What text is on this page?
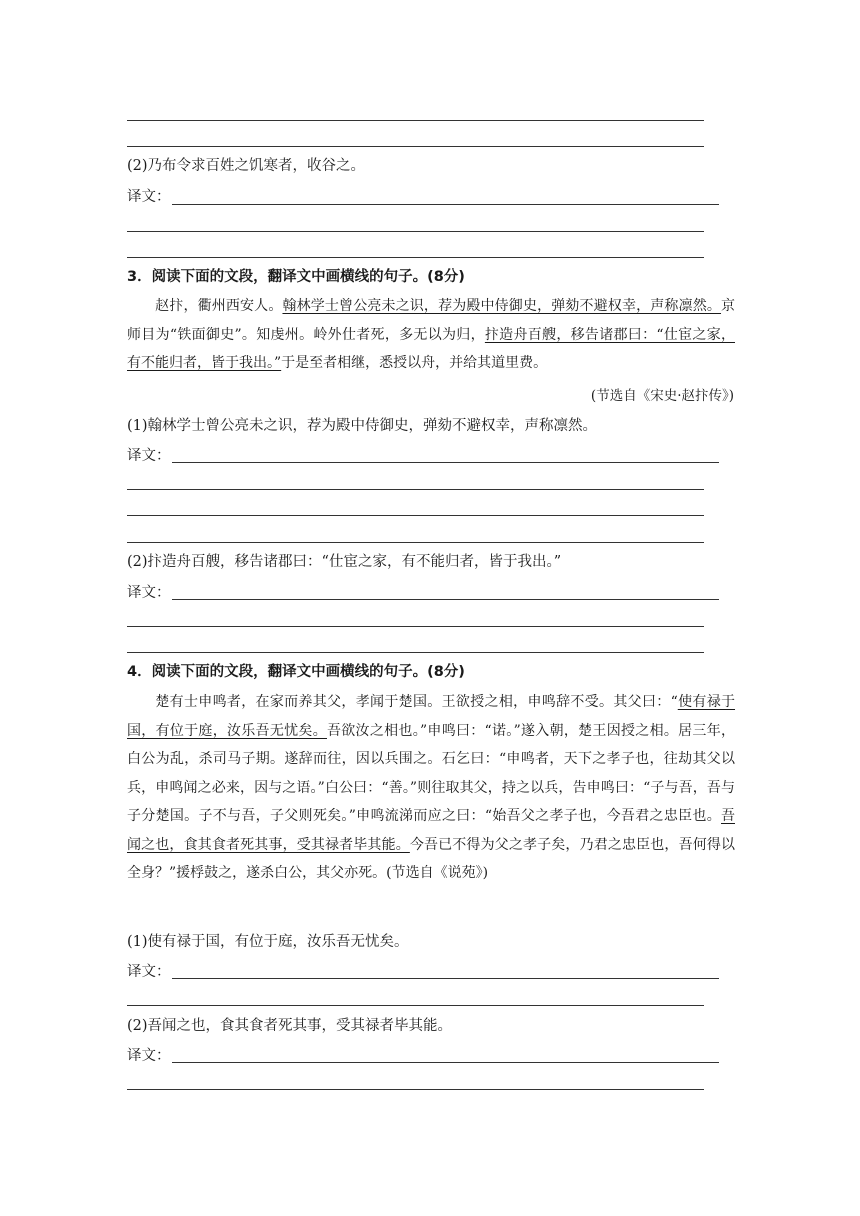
(2)乃布令求百姓之饥寒者，收谷之。
译文：
3．阅读下面的文段，翻译文中画横线的句子。(8分)

赵抃，衢州西安人。翰林学士曾公亮未之识，荐为殿中侍御史，弹劾不避权幸，声称凛然。京师目为“铁面御史”。知虔州。岭外仕者死，多无以为归，抃造舟百艘，移告诸郡曰：“仕宦之家，有不能归者，皆于我出。”于是至者相继，悉授以舟，并给其道里费。

(节选自《宋史·赵抃传》)
(1)翰林学士曾公亮未之识，荐为殿中侍御史，弹劾不避权幸，声称凛然。
译文：
(2)抃造舟百艘，移告诸郡曰：“仕宦之家，有不能归者，皆于我出。”
译文：
4．阅读下面的文段，翻译文中画横线的句子。(8分)

楚有士申鸣者，在家而养其父，孝闻于楚国。王欲授之相，申鸣辞不受。其父曰：“使有禄于国，有位于庭，汝乐吾无忧矣。吾欲汝之相也。”申鸣曰：“诺。”遂入朝，楚王因授之相。居三年，白公为乱，杀司马子期。遂辞而往，因以兵围之。石乞曰：“申鸣者，天下之孝子也，往劫其父以兵，申鸣闻之必来，因与之语。”白公曰：“善。”则往取其父，持之以兵，告申鸣曰：“子与吾，吾与子分楚国。子不与吾，子父则死矣。”申鸣流涕而应之曰：“始吾父之孝子也，今吾君之忠臣也。吾闻之也，食其食者死其事，受其禄者毕其能。今吾已不得为父之孝子矣，乃君之忠臣也，吾何得以全身？”援桴鼓之，遂杀白公，其父亦死。(节选自《说苑》)

(1)使有禄于国，有位于庭，汝乐吾无忧矣。
译文：
(2)吾闻之也，食其食者死其事，受其禄者毕其能。
译文：
